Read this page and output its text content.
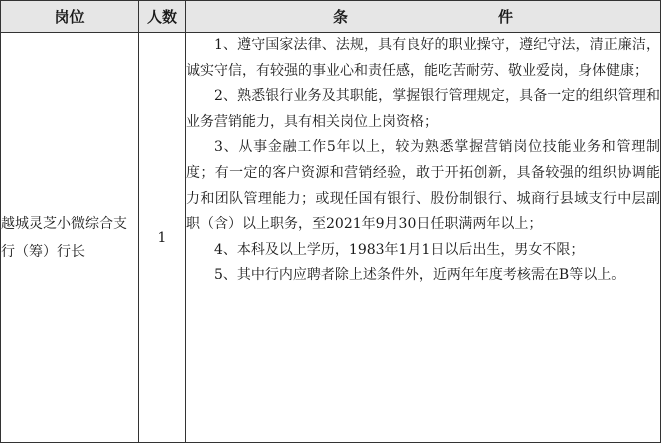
岗位	人数	条 件
越城灵芝小微综合支行（筹）行长	1	1、遵守国家法律、法规，具有良好的职业操守，遵纪守法，清正廉洁，诚实守信，有较强的事业心和责任感，能吃苦耐劳、敬业爱岗，身体健康；

2、熟悉银行业务及其职能，掌握银行管理规定，具备一定的组织管理和业务营销能力，具有相关岗位上岗资格；

3、从事金融工作5年以上，较为熟悉掌握营销岗位技能业务和管理制度；有一定的客户资源和营销经验，敢于开拓创新，具备较强的组织协调能力和团队管理能力；或现任国有银行、股份制银行、城商行县域支行中层副职（含）以上职务，至2021年9月30日任职满两年以上；

4、本科及以上学历，1983年1月1日以后出生，男女不限；

5、其中行内应聘者除上述条件外，近两年年度考核需在B等以上。
